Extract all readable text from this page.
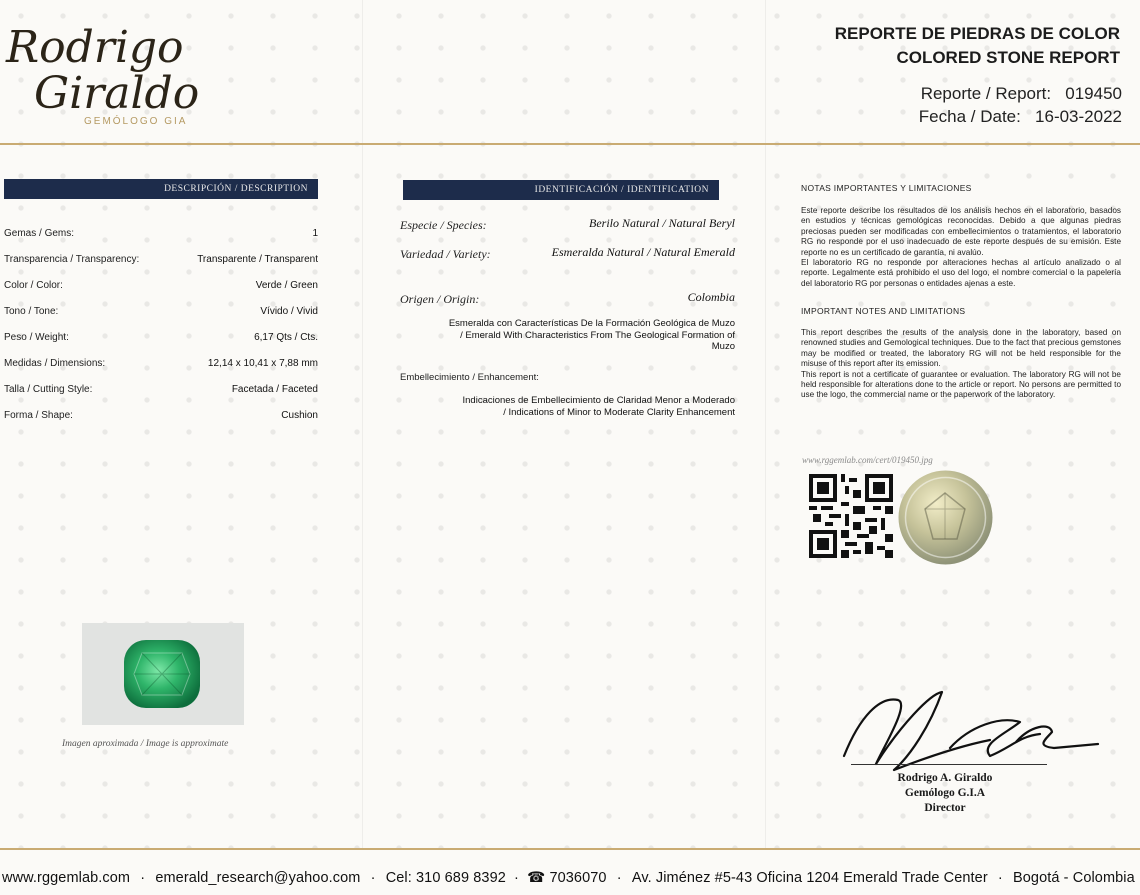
Rodrigo
Giraldo
GEMÓLOGO GIA
REPORTE DE PIEDRAS DE COLOR
COLORED STONE REPORT
Reporte / Report: 019450
Fecha / Date: 16-03-2022
DESCRIPCIÓN / DESCRIPTION
Gemas / Gems:	1
Transparencia / Transparency:	Transparente / Transparent
Color / Color:	Verde / Green
Tono / Tone:	Vívido / Vivid
Peso / Weight:	6,17 Qts / Cts.
Medidas / Dimensions:	12,14 x 10,41 x 7,88 mm
Talla / Cutting Style:	Facetada / Faceted
Forma / Shape:	Cushion
Imagen aproximada / Image is approximate
IDENTIFICACIÓN / IDENTIFICATION
Especie / Species:	Berilo Natural / Natural Beryl
Variedad / Variety:	Esmeralda Natural / Natural Emerald
Origen / Origin:	Colombia
Esmeralda con Características De la Formación Geológica de Muzo
/ Emerald With Characteristics From The Geological Formation of
Muzo
Embellecimiento / Enhancement:
Indicaciones de Embellecimiento de Claridad Menor a Moderado
/ Indications of Minor to Moderate Clarity Enhancement
NOTAS IMPORTANTES Y LIMITACIONES
Este reporte describe los resultados de los análisis hechos en el laboratorio, basados en estudios y técnicas gemológicas reconocidas. Debido a que algunas piedras preciosas pueden ser modificadas con embellecimientos o tratamientos, el laboratorio RG no responde por el uso inadecuado de este reporte después de su emisión. Este reporte no es un certificado de garantía, ni avalúo.
El laboratorio RG no responde por alteraciones hechas al artículo analizado o al reporte. Legalmente está prohibido el uso del logo, el nombre comercial o la papelería del laboratorio RG por personas o entidades ajenas a este.
IMPORTANT NOTES AND LIMITATIONS
This report describes the results of the analysis done in the laboratory, based on renowned studies and Gemological techniques. Due to the fact that precious gemstones may be modified or treated, the laboratory RG will not be held responsible for the misuse of this report after its emission.
This report is not a certificate of guarantee or evaluation. The laboratory RG will not be held responsible for alterations done to the article or report. No persons are permitted to use the logo, the commercial name or the paperwork of the laboratory.
www.rggemlab.com/cert/019450.jpg
Rodrigo A. Giraldo
Gemólogo G.I.A
Director
www.rggemlab.com · emerald_research@yahoo.com · Cel: 310 689 8392 · ☎ 7036070 · Av. Jiménez #5-43 Oficina 1204 Emerald Trade Center · Bogotá - Colombia
